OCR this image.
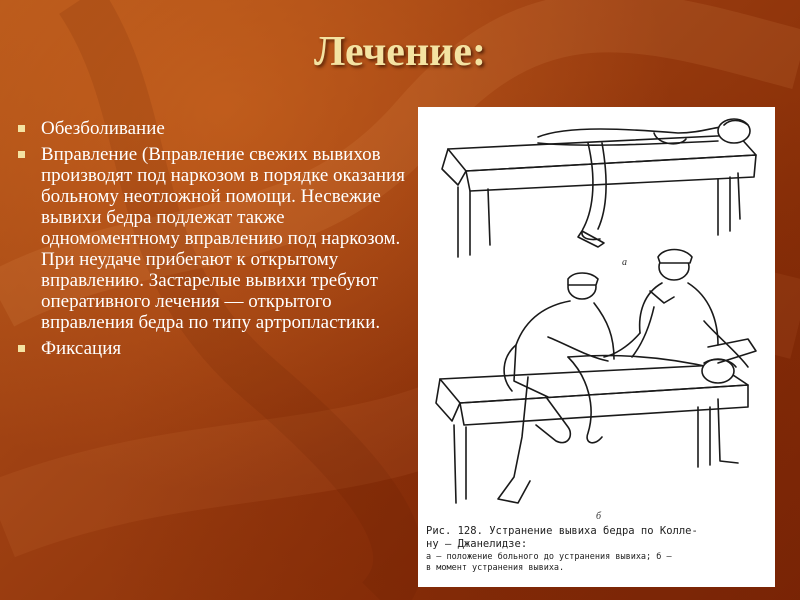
Лечение:
Обезболивание
Вправление (Вправление свежих вывихов производят под наркозом в порядке оказания больному неотложной помощи. Несвежие вывихи бедра подлежат также одномоментному вправлению под наркозом. При неудаче прибегают к открытому вправлению. Застарелые вывихи требуют оперативного лечения — открытого вправления бедра по типу артропластики.
Фиксация
а
б
Рис. 128. Устранение вывиха бедра по Колле-
ну — Джанелидзе:
а — положение больного до устранения вывиха; б —
в момент устранения вывиха.
